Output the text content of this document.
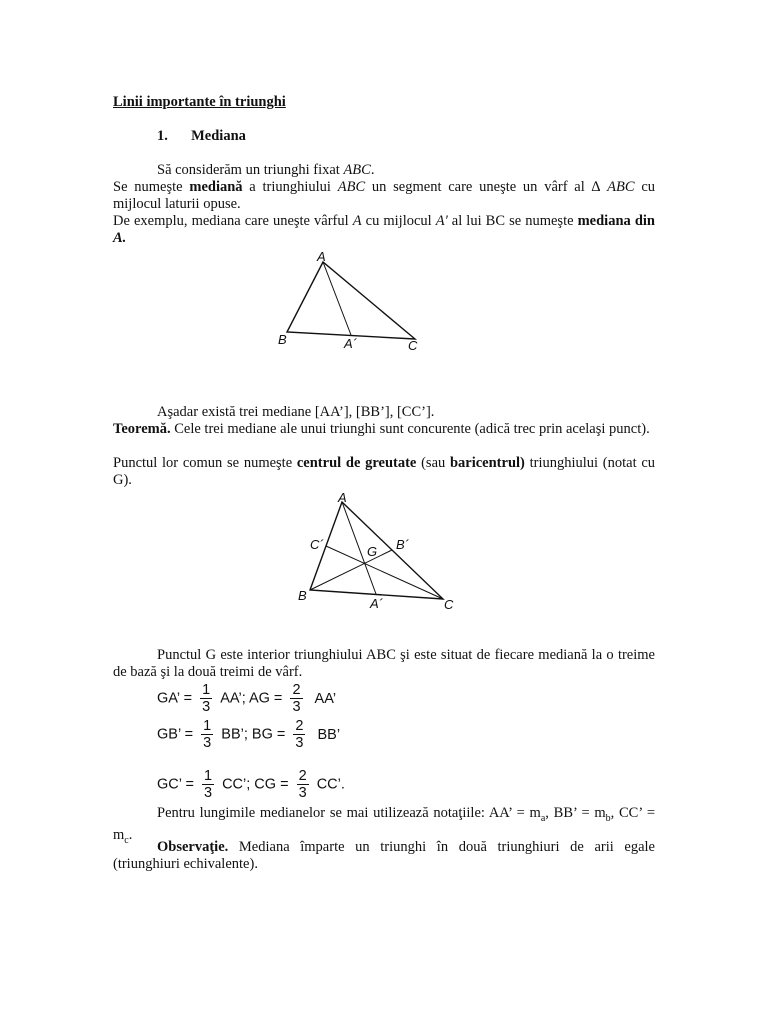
Linii importante în triunghi
1. Mediana
Să considerăm un triunghi fixat ABC.
Se numeşte mediană a triunghiului ABC un segment care uneşte un vârf al ∆ ABC cu mijlocul laturii opuse.
De exemplu, mediana care uneşte vârful A cu mijlocul A' al lui BC se numeşte mediana din A.
A
B	C
A´
Aşadar există trei mediane [AA’], [BB’], [CC’].
Teoremă. Cele trei mediane ale unui triunghi sunt concurente (adică trec prin acelaşi punct).
Punctul lor comun se numeşte centrul de greutate (sau baricentrul) triunghiului (notat cu G).
A
B
C
A´
B´
C´	G
Punctul G este interior triunghiului ABC şi este situat de fiecare mediană la o treime de bază şi la două treimi de vârf.
GA’ = $\frac{1}{3}$ AA’; AG = $\frac{2}{3}$ AA’
GB’ = $\frac{1}{3}$ BB’; BG = $\frac{2}{3}$ BB’
GC’ = $\frac{1}{3}$ CC’; CG = $\frac{2}{3}$ CC’.
Pentru lungimile medianelor se mai utilizează notaţiile: AA’ = $m_a$, BB’ = $m_b$, CC’ = $m_c$.
Observaţie. Mediana împarte un triunghi în două triunghiuri de arii egale (triunghiuri echivalente).
